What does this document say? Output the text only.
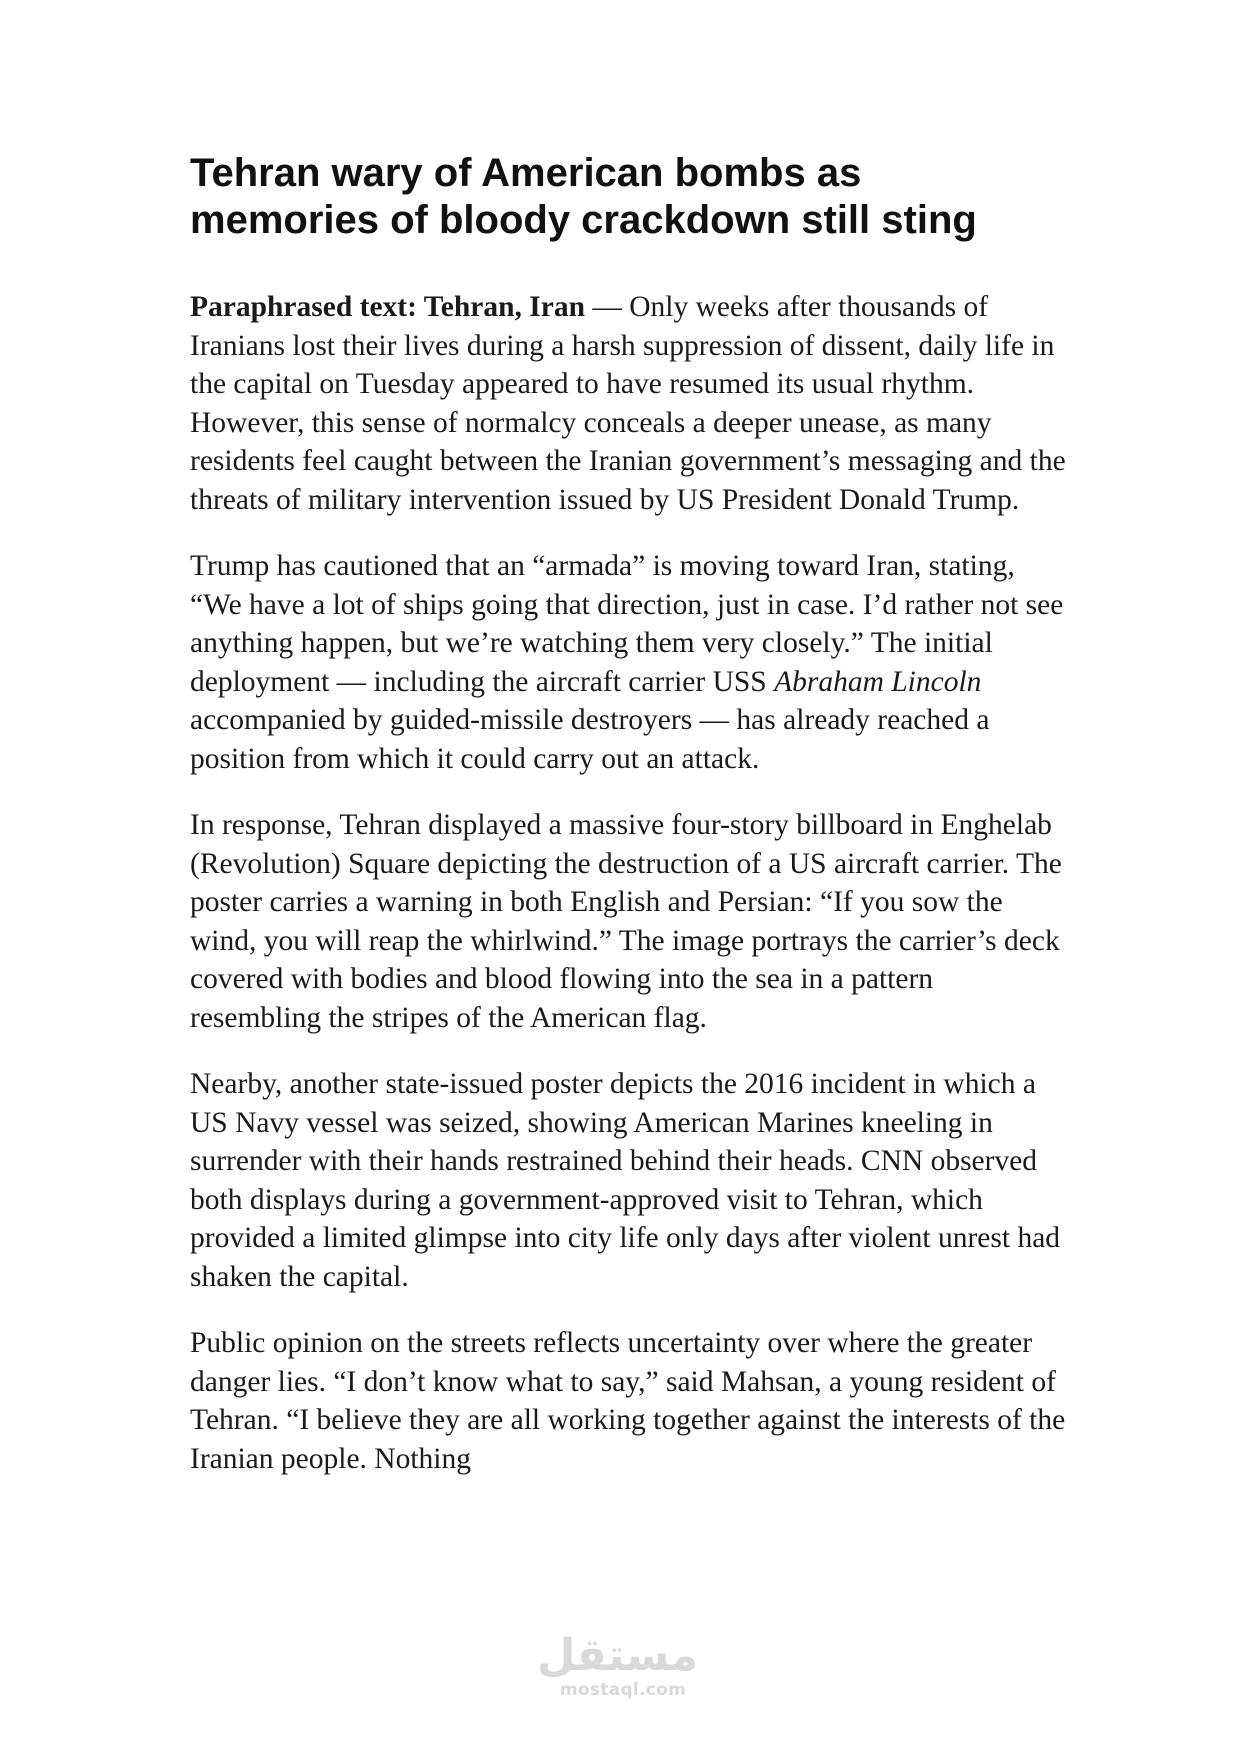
Tehran wary of American bombs as
memories of bloody crackdown still sting

Paraphrased text: Tehran, Iran — Only weeks after thousands of Iranians lost their lives during a harsh suppression of dissent, daily life in the capital on Tuesday appeared to have resumed its usual rhythm. However, this sense of normalcy conceals a deeper unease, as many residents feel caught between the Iranian government’s messaging and the threats of military intervention issued by US President Donald Trump.

Trump has cautioned that an “armada” is moving toward Iran, stating, “We have a lot of ships going that direction, just in case. I’d rather not see anything happen, but we’re watching them very closely.” The initial deployment — including the aircraft carrier USS Abraham Lincoln accompanied by guided-missile destroyers — has already reached a position from which it could carry out an attack.

In response, Tehran displayed a massive four-story billboard in Enghelab (Revolution) Square depicting the destruction of a US aircraft carrier. The poster carries a warning in both English and Persian: “If you sow the wind, you will reap the whirlwind.” The image portrays the carrier’s deck covered with bodies and blood flowing into the sea in a pattern resembling the stripes of the American flag.

Nearby, another state-issued poster depicts the 2016 incident in which a US Navy vessel was seized, showing American Marines kneeling in surrender with their hands restrained behind their heads. CNN observed both displays during a government-approved visit to Tehran, which provided a limited glimpse into city life only days after violent unrest had shaken the capital.

Public opinion on the streets reflects uncertainty over where the greater danger lies. “I don’t know what to say,” said Mahsan, a young resident of Tehran. “I believe they are all working together against the interests of the Iranian people. Nothing

مستقل
mostaql.com
